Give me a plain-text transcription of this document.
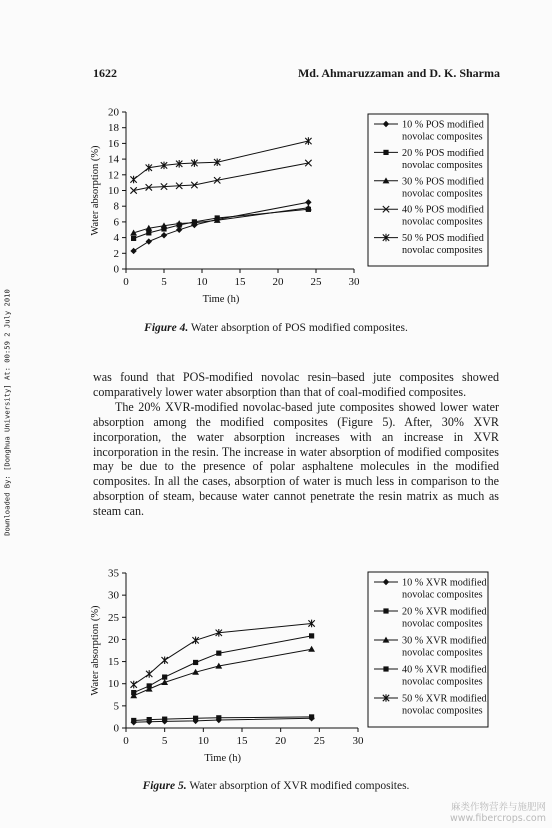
1622	Md. Ahmaruzzaman and D. K. Sharma
Downloaded By: [Donghua University] At: 00:59 2 July 2010
0
2
4
6
8
10
12
14
16
18
20
0	5	10 15 20 25 30
Time (h)
Water absorption (%)
10 % POS modified
novolac composites
20 % POS modified
novolac composites
30 % POS modified
novolac composites
40 % POS modified
novolac composites
50 % POS modified
novolac composites
Figure 4. Water absorption of POS modified composites.

was found that POS-modified novolac resin–based jute composites showed comparatively lower water absorption than that of coal-modified composites.

The 20% XVR-modified novolac-based jute composites showed lower water absorption among the modified composites (Figure 5). After, 30% XVR incorporation, the water absorption increases with an increase in XVR incorporation in the resin. The increase in water absorption of modified composites may be due to the presence of polar asphaltene molecules in the modified composites. In all the cases, absorption of water is much less in comparison to the absorption of steam, because water cannot penetrate the resin matrix as much as steam can.

0
5
10
15
20
25
30
35
0	5	10	15	20	25	30
Time (h)
Water absorption (%)
10 % XVR modified
novolac composites
20 % XVR modified
novolac composites
30 % XVR modified
novolac composites
40 % XVR modified
novolac composites
50 % XVR modified
novolac composites
Figure 5. Water absorption of XVR modified composites.
麻类作物营养与施肥网
www.fibercrops.com
